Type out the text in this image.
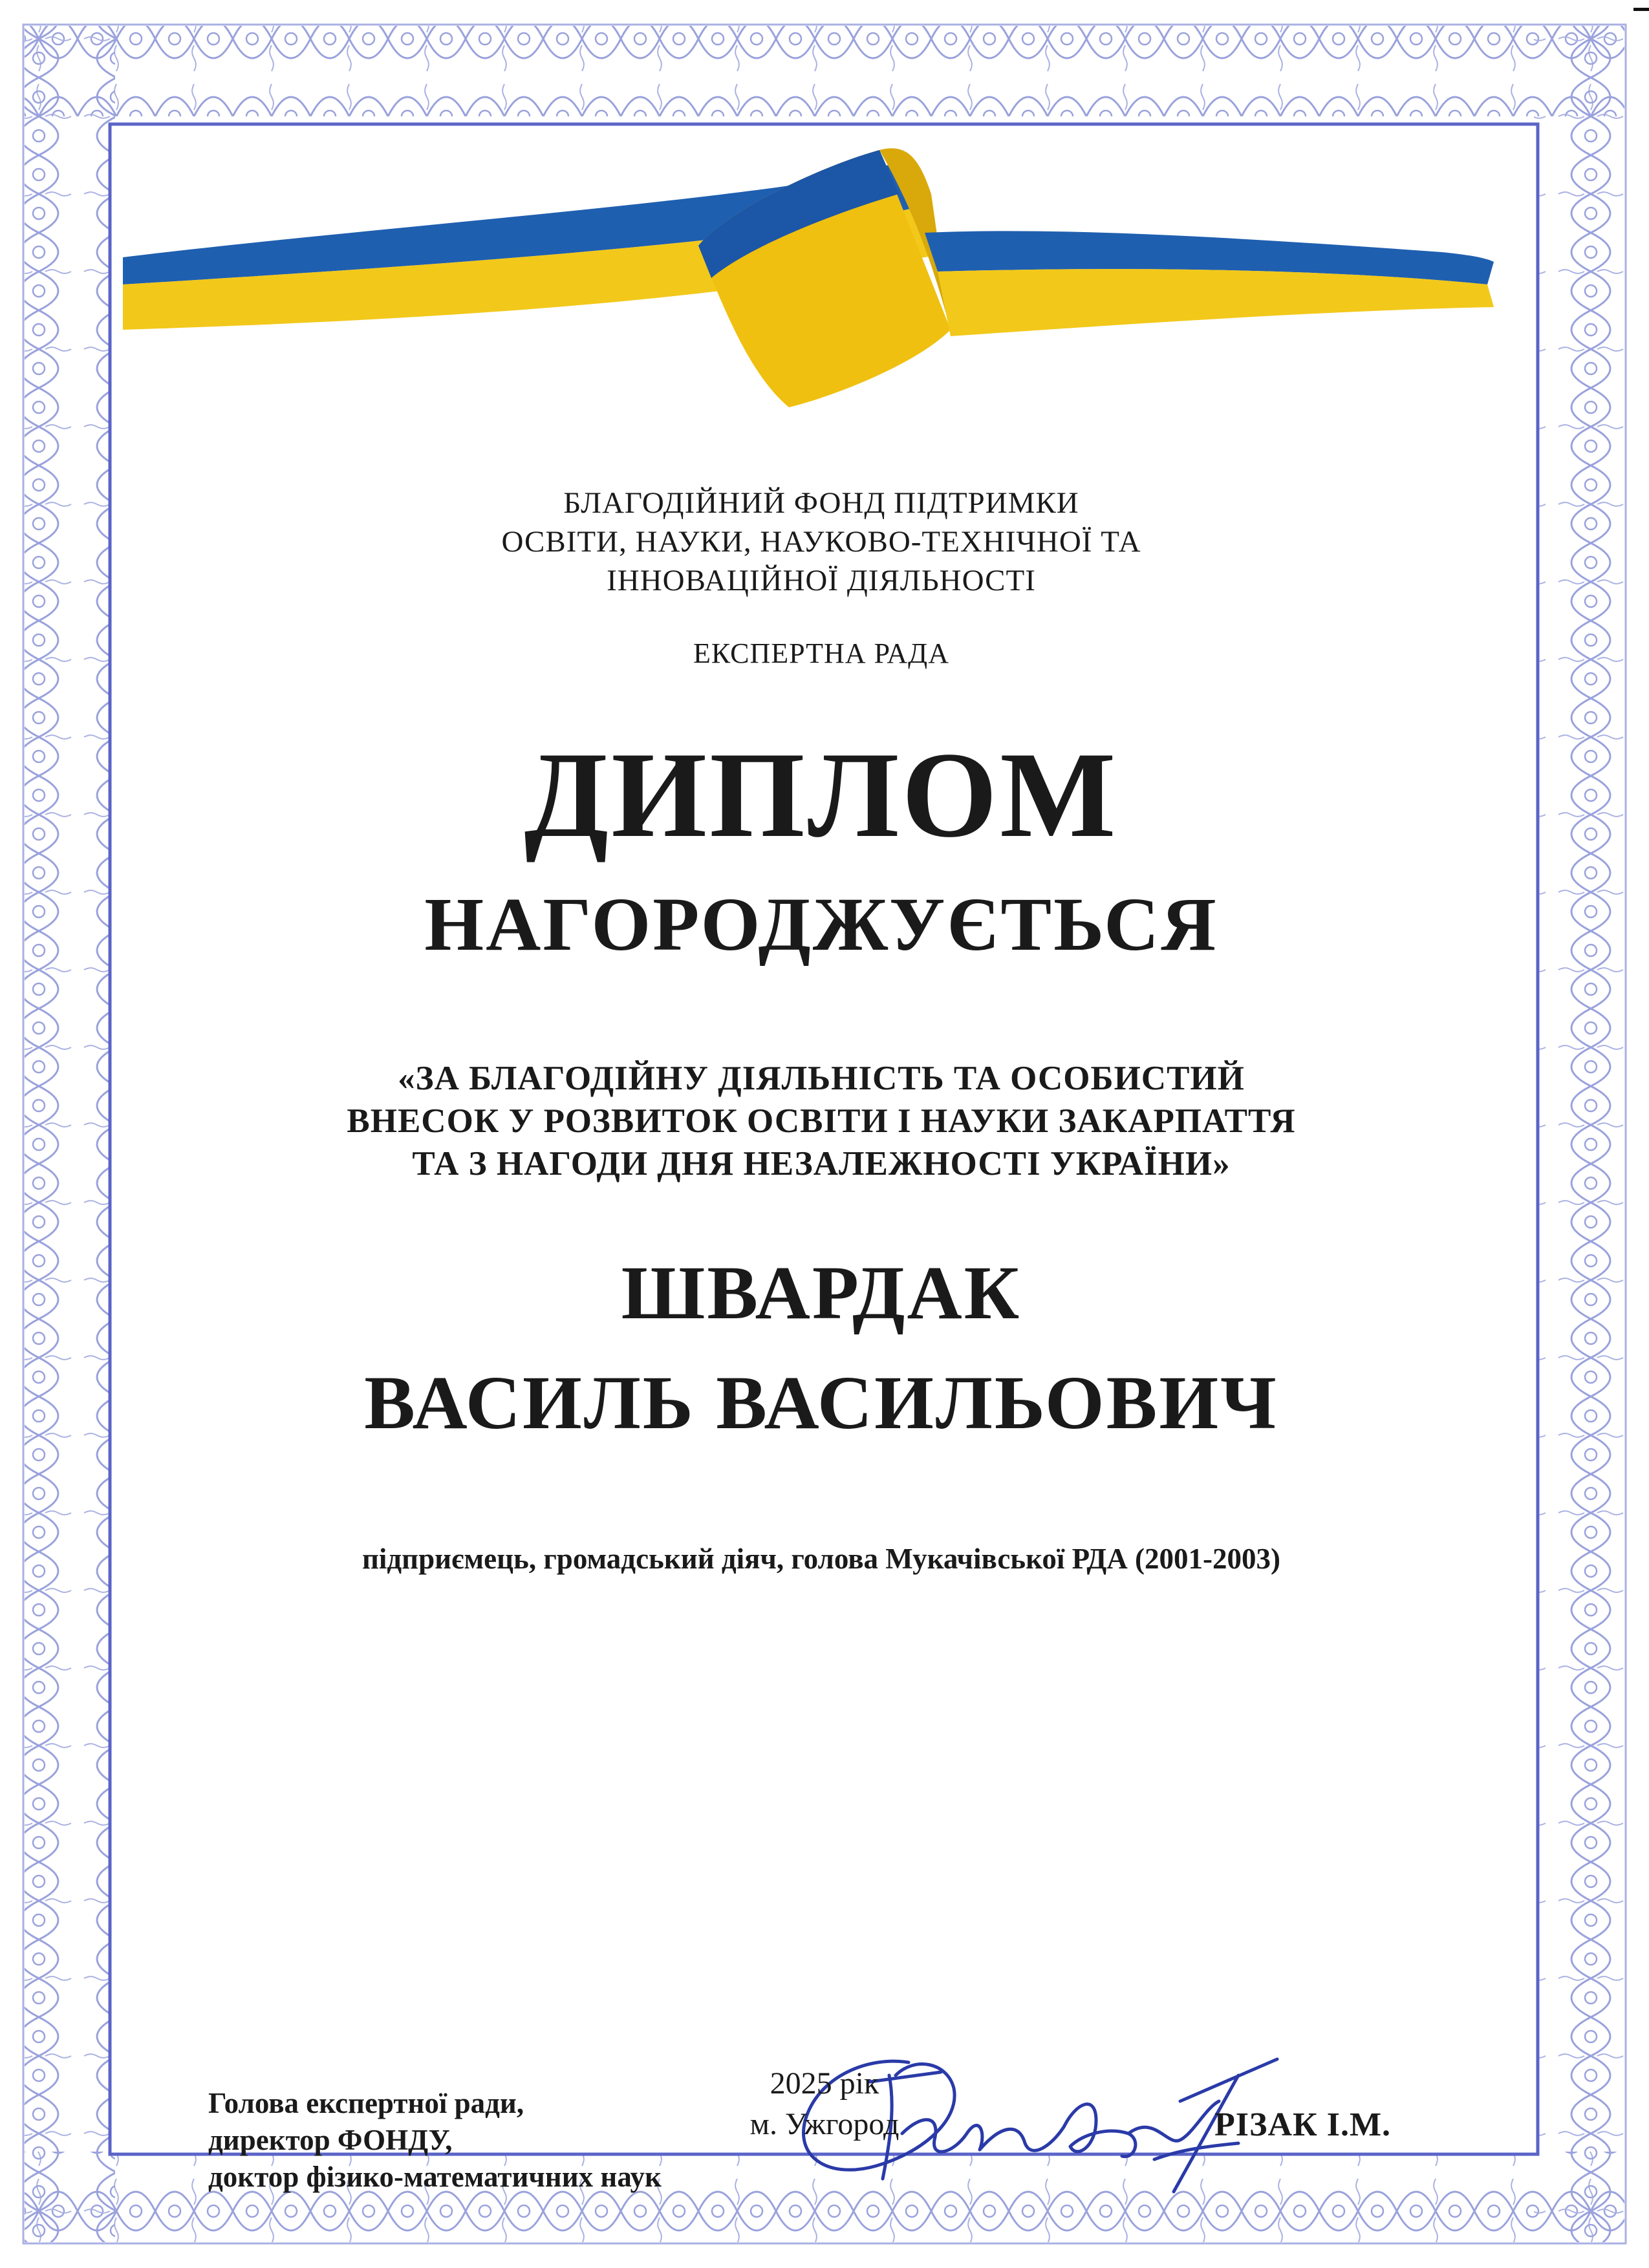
БЛАГОДІЙНИЙ ФОНД ПІДТРИМКИ
ОСВІТИ, НАУКИ, НАУКОВО-ТЕХНІЧНОЇ ТА
ІННОВАЦІЙНОЇ ДІЯЛЬНОСТІ
ЕКСПЕРТНА РАДА
ДИПЛОМ
НАГОРОДЖУЄТЬСЯ
«ЗА БЛАГОДІЙНУ ДІЯЛЬНІСТЬ ТА ОСОБИСТИЙ
ВНЕСОК У РОЗВИТОК ОСВІТИ І НАУКИ ЗАКАРПАТТЯ
ТА З НАГОДИ ДНЯ НЕЗАЛЕЖНОСТІ УКРАЇНИ»
ШВАРДАК
ВАСИЛЬ ВАСИЛЬОВИЧ
підприємець, громадський діяч, голова Мукачівської РДА (2001-2003)
Голова експертної ради,
директор ФОНДУ,
доктор фізико-математичних наук
РІЗАК І.М.
2025 рік
м. Ужгород
